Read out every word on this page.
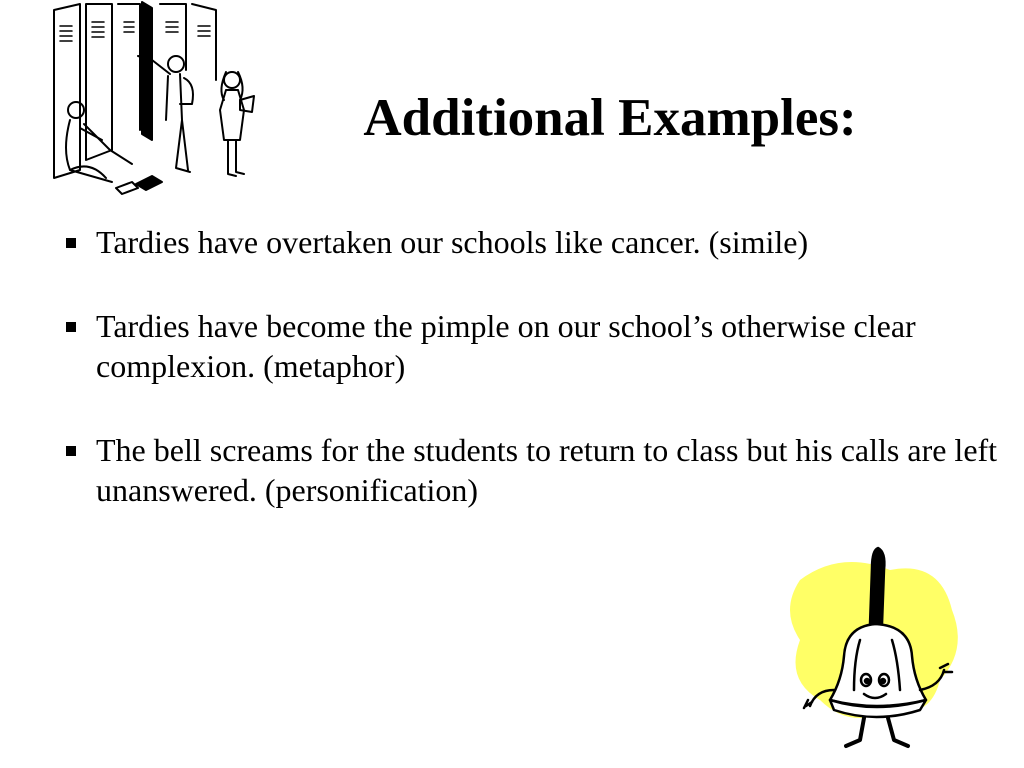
Additional Examples:
Tardies have overtaken our schools like cancer. (simile)
Tardies have become the pimple on our school’s otherwise clear complexion. (metaphor)
The bell screams for the students to return to class but his calls are left unanswered. (personification)
